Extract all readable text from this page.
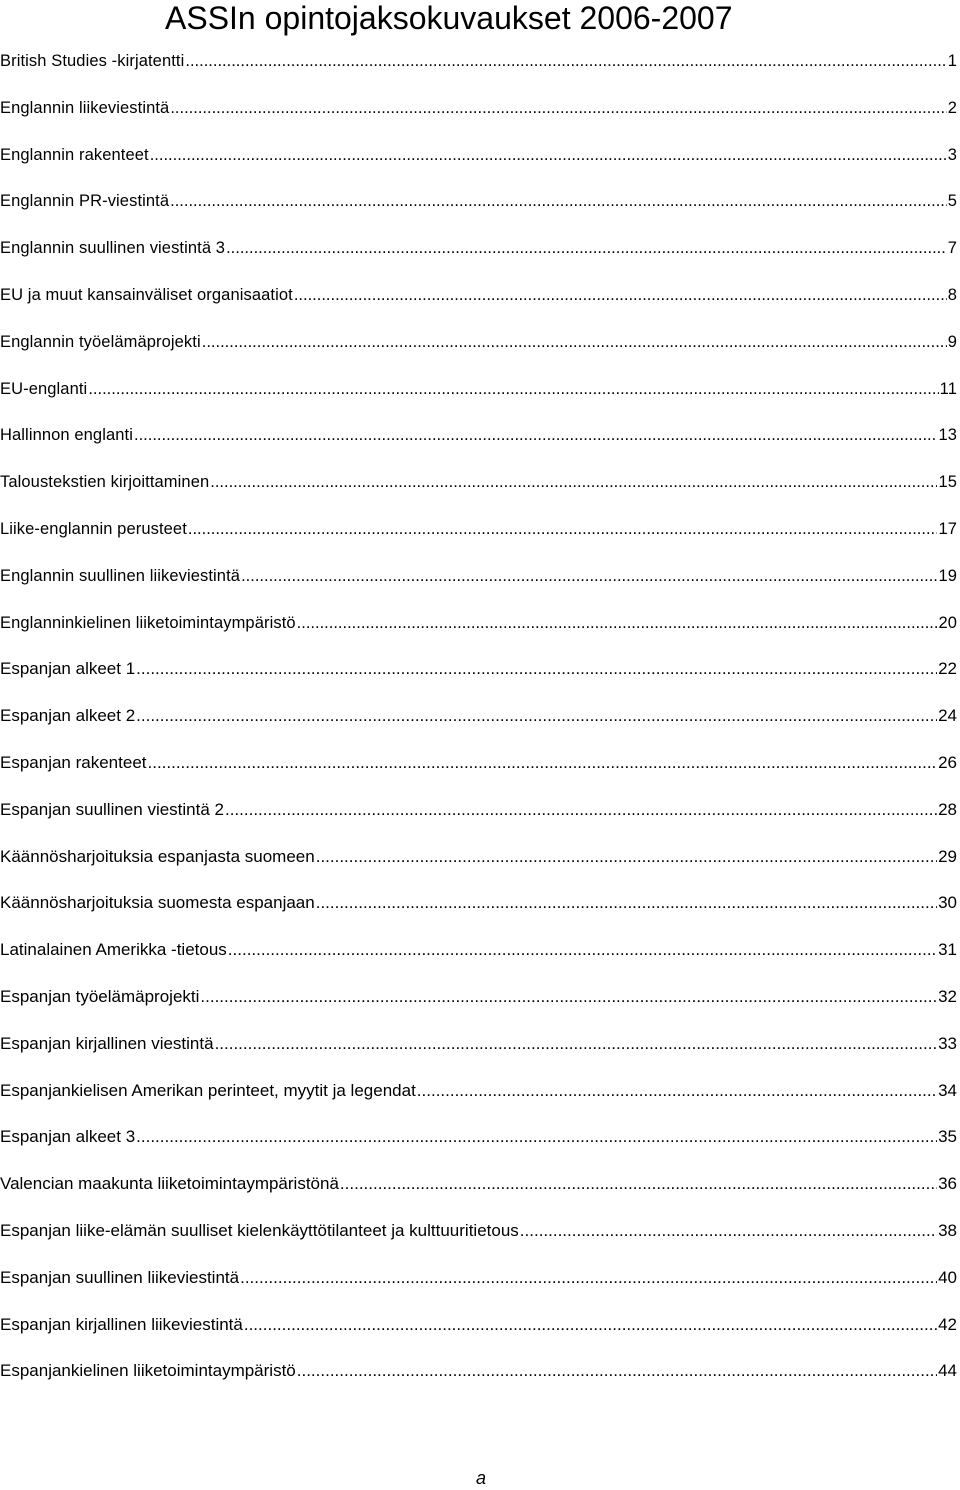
ASSIn opintojaksokuvaukset 2006-2007
British Studies -kirjatentti .....	1
Englannin liikeviestintä .....	2
Englannin rakenteet .....	3
Englannin PR-viestintä .....	5
Englannin suullinen viestintä 3 .....	7
EU ja muut kansainväliset organisaatiot .....	8
Englannin työelämäprojekti .....	9
EU-englanti .....	11
Hallinnon englanti .....	13
Taloustekstien kirjoittaminen .....	15
Liike-englannin perusteet .....	17
Englannin suullinen liikeviestintä .....	19
Englanninkielinen liiketoimintaympäristö .....	20
Espanjan alkeet 1 .....	22
Espanjan alkeet 2 .....	24
Espanjan rakenteet .....	26
Espanjan suullinen viestintä 2 .....	28
Käännösharjoituksia espanjasta suomeen .....	29
Käännösharjoituksia suomesta espanjaan .....	30
Latinalainen Amerikka -tietous .....	31
Espanjan työelämäprojekti .....	32
Espanjan kirjallinen viestintä .....	33
Espanjankielisen Amerikan perinteet, myytit ja legendat .....	34
Espanjan alkeet 3 .....	35
Valencian maakunta liiketoimintaympäristönä .....	36
Espanjan liike-elämän suulliset kielenkäyttötilanteet ja kulttuuritietous .....	38
Espanjan suullinen liikeviestintä .....	40
Espanjan kirjallinen liikeviestintä .....	42
Espanjankielinen liiketoimintaympäristö .....	44
a
